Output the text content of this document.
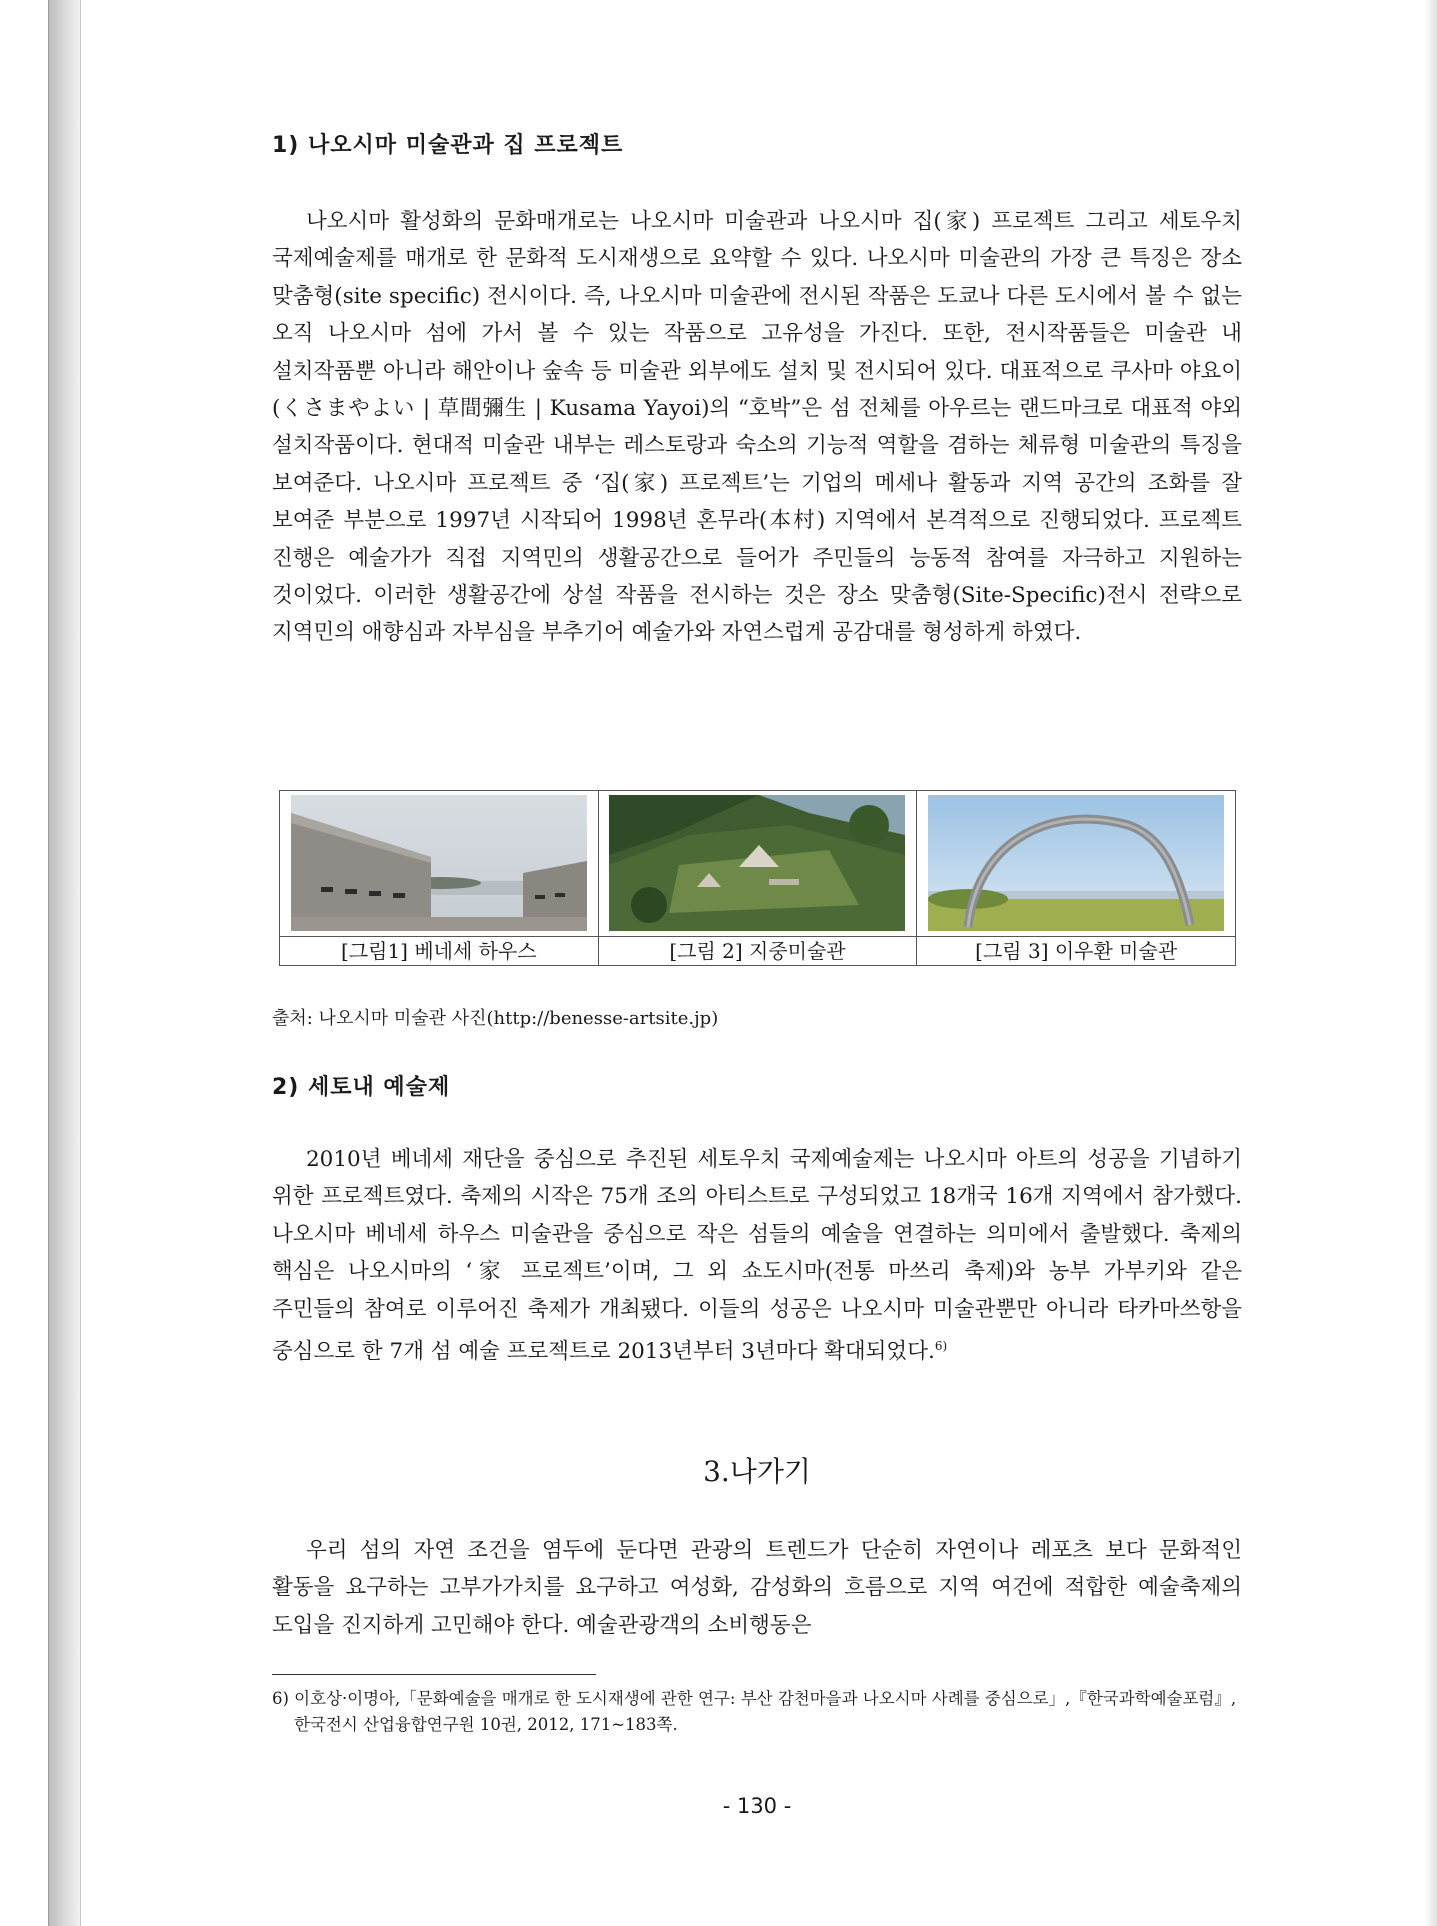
1) 나오시마 미술관과 집 프로젝트

나오시마 활성화의 문화매개로는 나오시마 미술관과 나오시마 집(家) 프로젝트 그리고 세토우치 국제예술제를 매개로 한 문화적 도시재생으로 요약할 수 있다. 나오시마 미술관의 가장 큰 특징은 장소 맞춤형(site specific) 전시이다. 즉, 나오시마 미술관에 전시된 작품은 도쿄나 다른 도시에서 볼 수 없는 오직 나오시마 섬에 가서 볼 수 있는 작품으로 고유성을 가진다. 또한, 전시작품들은 미술관 내 설치작품뿐 아니라 해안이나 숲속 등 미술관 외부에도 설치 및 전시되어 있다. 대표적으로 쿠사마 야요이(くさまやよい | 草間彌生 | Kusama Yayoi)의 “호박”은 섬 전체를 아우르는 랜드마크로 대표적 야외 설치작품이다. 현대적 미술관 내부는 레스토랑과 숙소의 기능적 역할을 겸하는 체류형 미술관의 특징을 보여준다. 나오시마 프로젝트 중 ‘집(家) 프로젝트’는 기업의 메세나 활동과 지역 공간의 조화를 잘 보여준 부분으로 1997년 시작되어 1998년 혼무라(本村) 지역에서 본격적으로 진행되었다. 프로젝트 진행은 예술가가 직접 지역민의 생활공간으로 들어가 주민들의 능동적 참여를 자극하고 지원하는 것이었다. 이러한 생활공간에 상설 작품을 전시하는 것은 장소 맞춤형(Site-Specific)전시 전략으로 지역민의 애향심과 자부심을 부추기어 예술가와 자연스럽게 공감대를 형성하게 하였다.

[그림1] 베네세 하우스	[그림 2] 지중미술관	[그림 3] 이우환 미술관
출처: 나오시마 미술관 사진(http://benesse-artsite.jp)
2) 세토내 예술제

2010년 베네세 재단을 중심으로 추진된 세토우치 국제예술제는 나오시마 아트의 성공을 기념하기 위한 프로젝트였다. 축제의 시작은 75개 조의 아티스트로 구성되었고 18개국 16개 지역에서 참가했다. 나오시마 베네세 하우스 미술관을 중심으로 작은 섬들의 예술을 연결하는 의미에서 출발했다. 축제의 핵심은 나오시마의 ‘家 프로젝트’이며, 그 외 쇼도시마(전통 마쓰리 축제)와 농부 가부키와 같은 주민들의 참여로 이루어진 축제가 개최됐다. 이들의 성공은 나오시마 미술관뿐만 아니라 타카마쓰항을 중심으로 한 7개 섬 예술 프로젝트로 2013년부터 3년마다 확대되었다.$^{6)}$

3.나가기

우리 섬의 자연 조건을 염두에 둔다면 관광의 트렌드가 단순히 자연이나 레포츠 보다 문화적인 활동을 요구하는 고부가가치를 요구하고 여성화, 감성화의 흐름으로 지역 여건에 적합한 예술축제의 도입을 진지하게 고민해야 한다. 예술관광객의 소비행동은

6) 이호상·이명아,「문화예술을 매개로 한 도시재생에 관한 연구: 부산 감천마을과 나오시마 사례를 중심으로」,『한국과학예술포럼』, 한국전시 산업융합연구원 10권, 2012, 171~183쪽.
- 130 -
